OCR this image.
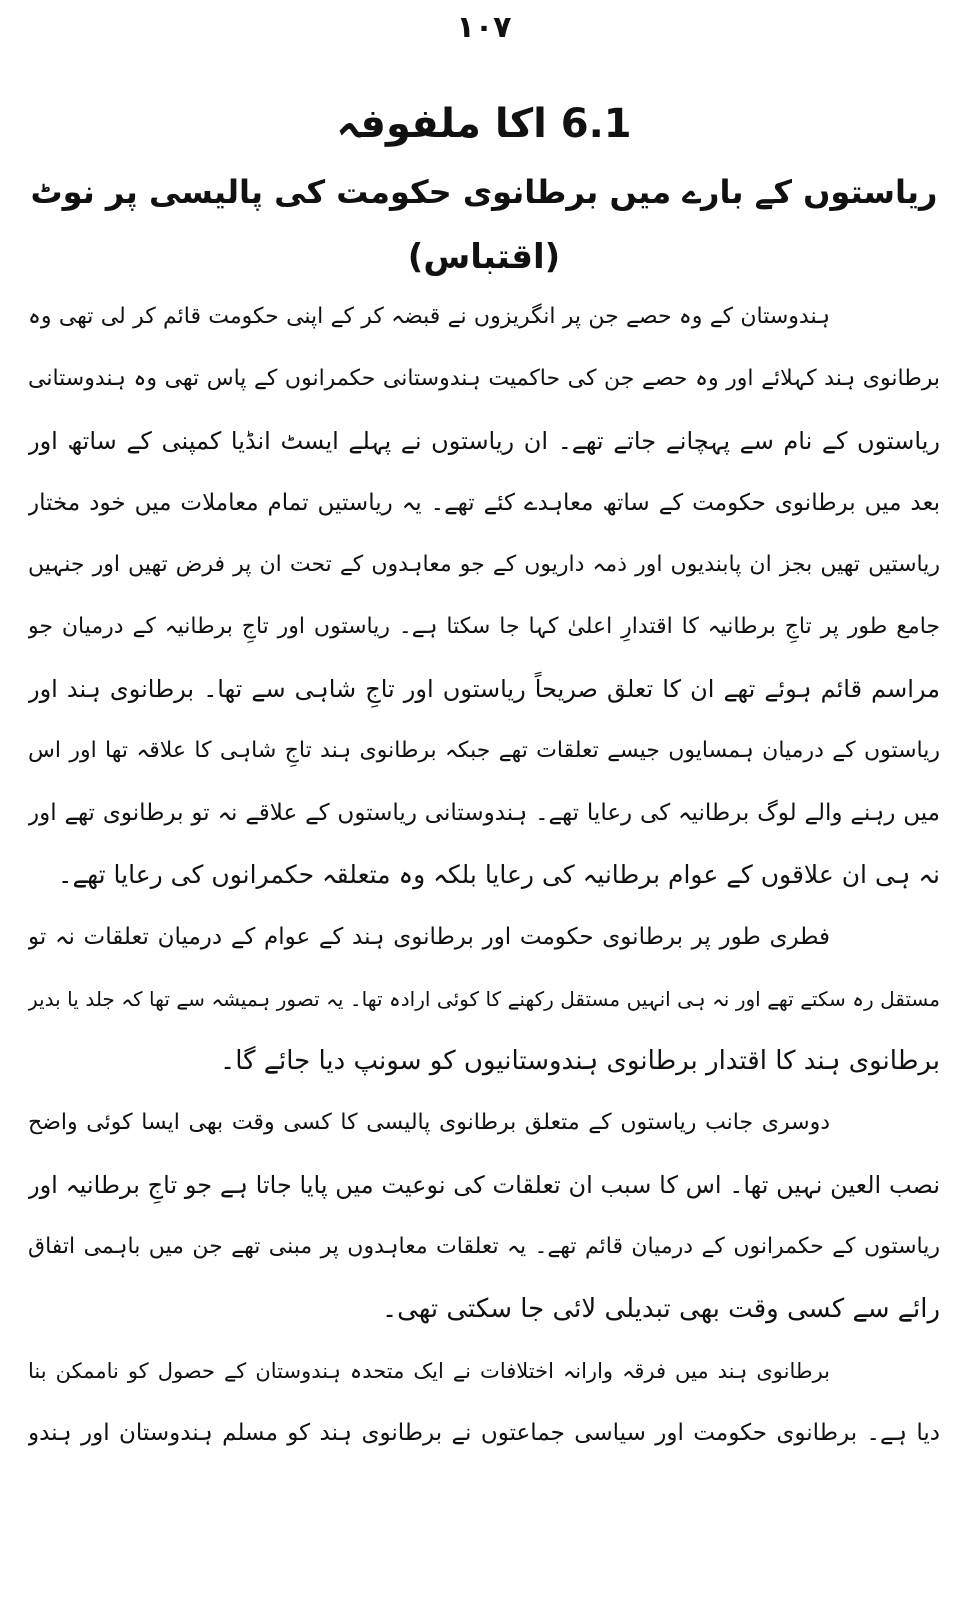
۱۰۷
6.1 اکا ملفوفہ
ریاستوں کے بارے میں برطانوی حکومت کی پالیسی پر نوٹ
(اقتباس)
ہندوستان کے وہ حصے جن پر انگریزوں نے قبضہ کر کے اپنی حکومت قائم کر لی تھی وہ
برطانوی ہند کہلائے اور وہ حصے جن کی حاکمیت ہندوستانی حکمرانوں کے پاس تھی وہ ہندوستانی
ریاستوں کے نام سے پہچانے جاتے تھے۔ ان ریاستوں نے پہلے ایسٹ انڈیا کمپنی کے ساتھ اور
بعد میں برطانوی حکومت کے ساتھ معاہدے کئے تھے۔ یہ ریاستیں تمام معاملات میں خود مختار
ریاستیں تھیں بجز ان پابندیوں اور ذمہ داریوں کے جو معاہدوں کے تحت ان پر فرض تھیں اور جنہیں
جامع طور پر تاجِ برطانیہ کا اقتدارِ اعلیٰ کہا جا سکتا ہے۔ ریاستوں اور تاجِ برطانیہ کے درمیان جو
مراسم قائم ہوئے تھے ان کا تعلق صریحاً ریاستوں اور تاجِ شاہی سے تھا۔ برطانوی ہند اور
ریاستوں کے درمیان ہمسایوں جیسے تعلقات تھے جبکہ برطانوی ہند تاجِ شاہی کا علاقہ تھا اور اس
میں رہنے والے لوگ برطانیہ کی رعایا تھے۔ ہندوستانی ریاستوں کے علاقے نہ تو برطانوی تھے اور
نہ ہی ان علاقوں کے عوام برطانیہ کی رعایا بلکہ وہ متعلقہ حکمرانوں کی رعایا تھے۔
فطری طور پر برطانوی حکومت اور برطانوی ہند کے عوام کے درمیان تعلقات نہ تو
مستقل رہ سکتے تھے اور نہ ہی انہیں مستقل رکھنے کا کوئی ارادہ تھا۔ یہ تصور ہمیشہ سے تھا کہ جلد یا بدیر
برطانوی ہند کا اقتدار برطانوی ہندوستانیوں کو سونپ دیا جائے گا۔
دوسری جانب ریاستوں کے متعلق برطانوی پالیسی کا کسی وقت بھی ایسا کوئی واضح
نصب العین نہیں تھا۔ اس کا سبب ان تعلقات کی نوعیت میں پایا جاتا ہے جو تاجِ برطانیہ اور
ریاستوں کے حکمرانوں کے درمیان قائم تھے۔ یہ تعلقات معاہدوں پر مبنی تھے جن میں باہمی اتفاق
رائے سے کسی وقت بھی تبدیلی لائی جا سکتی تھی۔
برطانوی ہند میں فرقہ وارانہ اختلافات نے ایک متحدہ ہندوستان کے حصول کو ناممکن بنا
دیا ہے۔ برطانوی حکومت اور سیاسی جماعتوں نے برطانوی ہند کو مسلم ہندوستان اور ہندو
